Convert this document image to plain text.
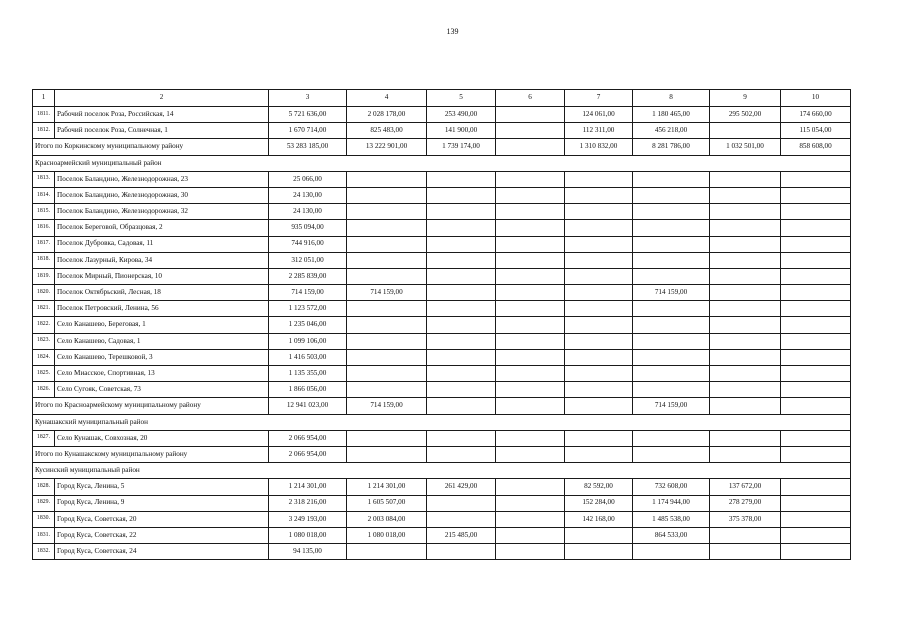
139
1	2	3	4	5	6	7	8	9	10
1811.	Рабочий поселок Роза, Российская, 14	5 721 636,00	2 028 178,00	253 490,00		124 061,00	1 180 465,00	295 502,00	174 660,00
1812.	Рабочий поселок Роза, Солнечная, 1	1 670 714,00	825 483,00	141 900,00		112 311,00	456 218,00		115 054,00
Итого по Коркинскому муниципальному району		53 283 185,00	13 222 901,00	1 739 174,00		1 310 832,00	8 281 786,00	1 032 501,00	858 608,00
Красноармейский муниципальный район									
1813.	Поселок Баландино, Железнодорожная, 23	25 066,00							
1814.	Поселок Баландино, Железнодорожная, 30	24 130,00							
1815.	Поселок Баландино, Железнодорожная, 32	24 130,00							
1816.	Поселок Береговой, Образцовая, 2	935 094,00							
1817.	Поселок Дубровка, Садовая, 11	744 916,00							
1818.	Поселок Лазурный, Кирова, 34	312 051,00							
1819.	Поселок Мирный, Пионерская, 10	2 285 839,00							
1820.	Поселок Октябрьский, Лесная, 18	714 159,00	714 159,00				714 159,00		
1821.	Поселок Петровский, Ленина, 56	1 123 572,00							
1822.	Село Канашево, Береговая, 1	1 235 046,00							
1823.	Село Канашево, Садовая, 1	1 099 106,00							
1824.	Село Канашево, Терешковой, 3	1 416 503,00							
1825.	Село Миасское, Спортивная, 13	1 135 355,00							
1826.	Село Сугояк, Советская, 73	1 866 056,00							
Итого по Красноармейскому муниципальному району		12 941 023,00	714 159,00				714 159,00		
Кунашакский муниципальный район									
1827.	Село Кунашак, Совхозная, 20	2 066 954,00							
Итого по Кунашакскому муниципальному району		2 066 954,00							
Кусинский муниципальный район									
1828.	Город Куса, Ленина, 5	1 214 301,00	1 214 301,00	261 429,00		82 592,00	732 608,00	137 672,00	
1829.	Город Куса, Ленина, 9	2 318 216,00	1 605 507,00			152 284,00	1 174 944,00	278 279,00	
1830.	Город Куса, Советская, 20	3 249 193,00	2 003 084,00			142 168,00	1 485 538,00	375 378,00	
1831.	Город Куса, Советская, 22	1 080 018,00	1 080 018,00	215 485,00			864 533,00		
1832.	Город Куса, Советская, 24	94 135,00							
